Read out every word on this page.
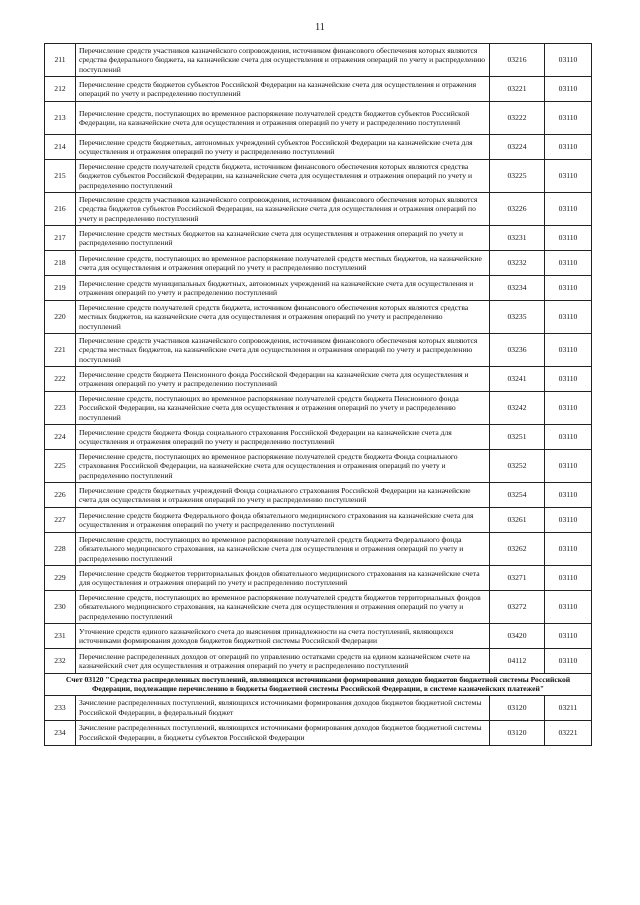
11
211	Перечисление средств участников казначейского сопровождения, источником финансового обеспечения которых являются средства федерального бюджета, на казначейские счета для осуществления и отражения операций по учету и распределению поступлений	03216	03110
212	Перечисление средств бюджетов субъектов Российской Федерации на казначейские счета для осуществления и отражения операций по учету и распределению поступлений	03221	03110
213	Перечисление средств, поступающих во временное распоряжение получателей средств бюджетов субъектов Российской Федерации, на казначейские счета для осуществления и отражения операций по учету и распределению поступлений	03222	03110
214	Перечисление средств бюджетных, автономных учреждений субъектов Российской Федерации на казначейские счета для осуществления и отражения операций по учету и распределению поступлений	03224	03110
215	Перечисление средств получателей средств бюджета, источником финансового обеспечения которых являются средства бюджетов субъектов Российской Федерации, на казначейские счета для осуществления и отражения операций по учету и распределению поступлений	03225	03110
216	Перечисление средств участников казначейского сопровождения, источником финансового обеспечения которых являются средства бюджетов субъектов Российской Федерации, на казначейские счета для осуществления и отражения операций по учету и распределению поступлений	03226	03110
217	Перечисление средств местных бюджетов на казначейские счета для осуществления и отражения операций по учету и распределению поступлений	03231	03110
218	Перечисление средств, поступающих во временное распоряжение получателей средств местных бюджетов, на казначейские счета для осуществления и отражения операций по учету и распределению поступлений	03232	03110
219	Перечисление средств муниципальных бюджетных, автономных учреждений на казначейские счета для осуществления и отражения операций по учету и распределению поступлений	03234	03110
220	Перечисление средств получателей средств бюджета, источником финансового обеспечения которых являются средства местных бюджетов, на казначейские счета для осуществления и отражения операций по учету и распределению поступлений	03235	03110
221	Перечисление средств участников казначейского сопровождения, источником финансового обеспечения которых являются средства местных бюджетов, на казначейские счета для осуществления и отражения операций по учету и распределению поступлений	03236	03110
222	Перечисление средств бюджета Пенсионного фонда Российской Федерации на казначейские счета для осуществления и отражения операций по учету и распределению поступлений	03241	03110
223	Перечисление средств, поступающих во временное распоряжение получателей средств бюджета Пенсионного фонда Российской Федерации, на казначейские счета для осуществления и отражения операций по учету и распределению поступлений	03242	03110
224	Перечисление средств бюджета Фонда социального страхования Российской Федерации на казначейские счета для осуществления и отражения операций по учету и распределению поступлений	03251	03110
225	Перечисление средств, поступающих во временное распоряжение получателей средств бюджета Фонда социального страхования Российской Федерации, на казначейские счета для осуществления и отражения операций по учету и распределению поступлений	03252	03110
226	Перечисление средств бюджетных учреждений Фонда социального страхования Российской Федерации на казначейские счета для осуществления и отражения операций по учету и распределению поступлений	03254	03110
227	Перечисление средств бюджета Федерального фонда обязательного медицинского страхования на казначейские счета для осуществления и отражения операций по учету и распределению поступлений	03261	03110
228	Перечисление средств, поступающих во временное распоряжение получателей средств бюджета Федерального фонда обязательного медицинского страхования, на казначейские счета для осуществления и отражения операций по учету и распределению поступлений	03262	03110
229	Перечисление средств бюджетов территориальных фондов обязательного медицинского страхования на казначейские счета для осуществления и отражения операций по учету и распределению поступлений	03271	03110
230	Перечисление средств, поступающих во временное распоряжение получателей средств бюджетов территориальных фондов обязательного медицинского страхования, на казначейские счета для осуществления и отражения операций по учету и распределению поступлений	03272	03110
231	Уточнение средств единого казначейского счета до выяснения принадлежности на счета поступлений, являющихся источниками формирования доходов бюджетов бюджетной системы Российской Федерации	03420	03110
232	Перечисление распределенных доходов от операций по управлению остатками средств на едином казначейском счете на казначейский счет для осуществления и отражения операций по учету и распределению поступлений	04112	03110
Счет 03120 "Средства распределенных поступлений, являющихся источниками формирования доходов бюджетов бюджетной системы Российской Федерации, подлежащие перечислению в бюджеты бюджетной системы Российской Федерации, в системе казначейских платежей"			
233	Зачисление распределенных поступлений, являющихся источниками формирования доходов бюджетов бюджетной системы Российской Федерации, в федеральный бюджет	03120	03211
234	Зачисление распределенных поступлений, являющихся источниками формирования доходов бюджетов бюджетной системы Российской Федерации, в бюджеты субъектов Российской Федерации	03120	03221
